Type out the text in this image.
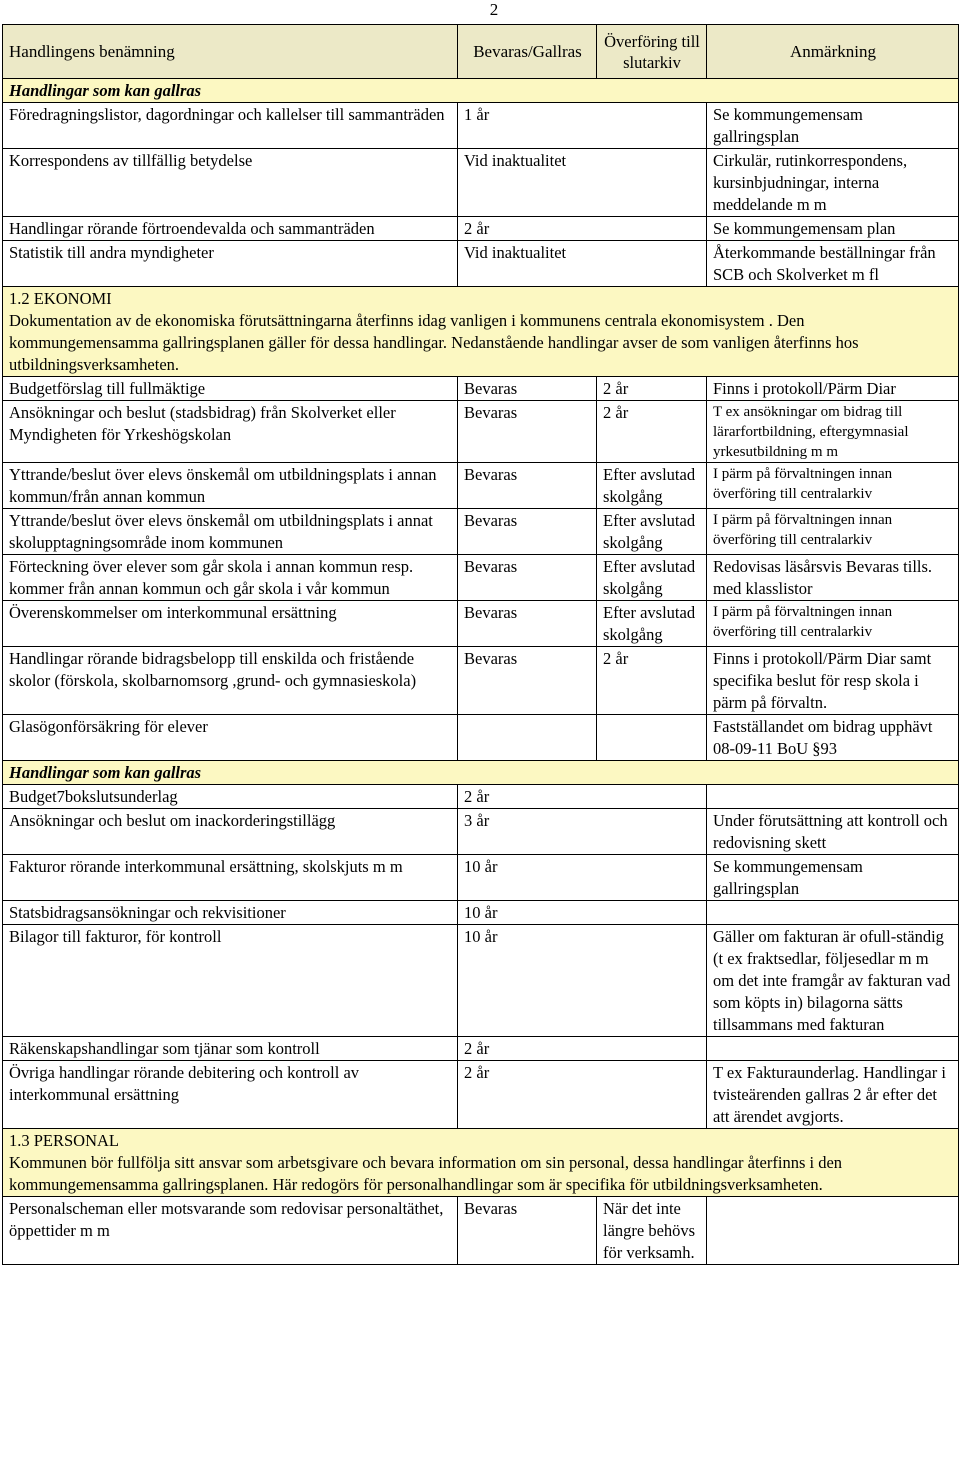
2
Handlingens benämning	Bevaras/Gallras	Överföring till slutarkiv	Anmärkning
Handlingar som kan gallras			
Föredragningslistor, dagordningar och kallelser till sammanträden	1 år		Se kommungemensam gallringsplan
Korrespondens av tillfällig betydelse	Vid inaktualitet		Cirkulär, rutinkorrespondens, kursinbjudningar, interna meddelande m m
Handlingar rörande förtroendevalda och sammanträden	2 år		Se kommungemensam plan
Statistik till andra myndigheter	Vid inaktualitet		Återkommande beställningar från SCB och Skolverket m fl

1.2 EKONOMI
Dokumentation av de ekonomiska förutsättningarna återfinns idag vanligen i kommunens centrala ekonomisystem . Den kommungemensamma gallringsplanen gäller för dessa handlingar. Nedanstående handlingar avser de som vanligen återfinns hos utbildningsverksamheten.			

Budgetförslag till fullmäktige	Bevaras	2 år	Finns i protokoll/Pärm Diar
Ansökningar och beslut (stadsbidrag) från Skolverket eller Myndigheten för Yrkeshögskolan	Bevaras	2 år	T ex ansökningar om bidrag till lärarfortbildning, eftergymnasial yrkesutbildning m m
Yttrande/beslut över elevs önskemål om utbildningsplats i annan kommun/från annan kommun	Bevaras	Efter avslutad skolgång	I pärm på förvaltningen innan överföring till centralarkiv
Yttrande/beslut över elevs önskemål om utbildningsplats i annat skolupptagningsområde inom kommunen	Bevaras	Efter avslutad skolgång	I pärm på förvaltningen innan överföring till centralarkiv
Förteckning över elever som går skola i annan kommun resp. kommer från annan kommun och går skola i vår kommun	Bevaras	Efter avslutad skolgång	Redovisas läsårsvis Bevaras tills. med klasslistor
Överenskommelser om interkommunal ersättning	Bevaras	Efter avslutad skolgång	I pärm på förvaltningen innan överföring till centralarkiv
Handlingar rörande bidragsbelopp till enskilda och fristående skolor (förskola, skolbarnomsorg ,grund- och gymnasieskola)	Bevaras	2 år	Finns i protokoll/Pärm Diar samt specifika beslut för resp skola i pärm på förvaltn.
Glasögonförsäkring för elever			Fastställandet om bidrag upphävt 08-09-11 BoU §93
Handlingar som kan gallras			
Budget7bokslutsunderlag	2 år		
Ansökningar och beslut om inackorderingstillägg	3 år		Under förutsättning att kontroll och redovisning skett
Fakturor rörande interkommunal ersättning, skolskjuts m m	10 år		Se kommungemensam gallringsplan
Statsbidragsansökningar och rekvisitioner	10 år		
Bilagor till fakturor, för kontroll	10 år		Gäller om fakturan är ofull-ständig (t ex fraktsedlar, följesedlar m m om det inte framgår av fakturan vad som köpts in) bilagorna sätts tillsammans med fakturan
Räkenskapshandlingar som tjänar som kontroll	2 år		
Övriga handlingar rörande debitering och kontroll av interkommunal ersättning	2 år		T ex Fakturaunderlag. Handlingar i tvisteärenden gallras 2 år efter det att ärendet avgjorts.

1.3 PERSONAL
Kommunen bör fullfölja sitt ansvar som arbetsgivare och bevara information om sin personal, dessa handlingar återfinns i den kommungemensamma gallringsplanen. Här redogörs för personalhandlingar som är specifika för utbildningsverksamheten.			

Personalscheman eller motsvarande som redovisar personaltäthet, öppettider m m	Bevaras	När det inte längre behövs för verksamh.	
